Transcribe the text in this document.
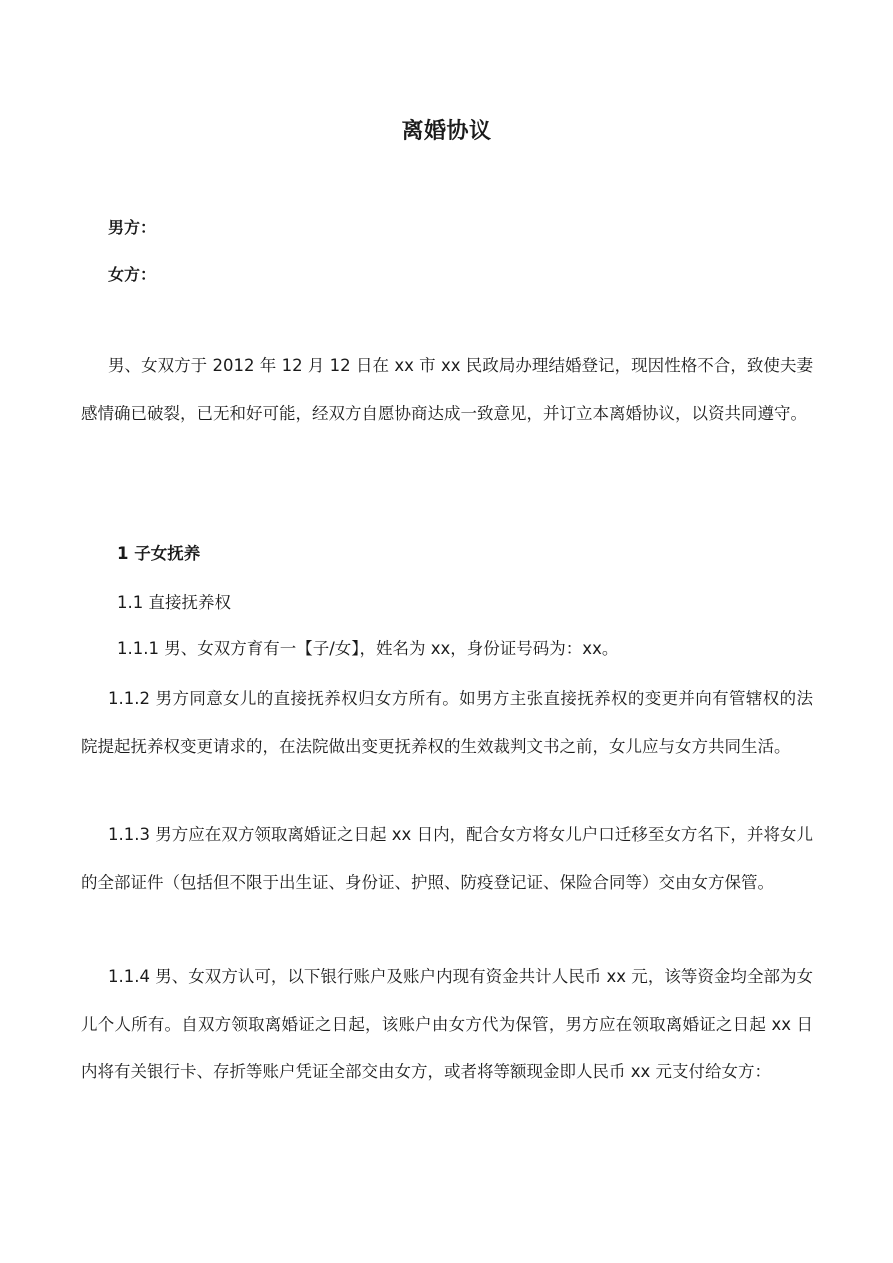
离婚协议
男方：
女方：

男、女双方于 2012 年 12 月 12 日在 xx 市 xx 民政局办理结婚登记，现因性格不合，致使夫妻感情确已破裂，已无和好可能，经双方自愿协商达成一致意见，并订立本离婚协议，以资共同遵守。

1 子女抚养
1.1 直接抚养权
1.1.1 男、女双方育有一【子/女】，姓名为 xx，身份证号码为：xx。

1.1.2 男方同意女儿的直接抚养权归女方所有。如男方主张直接抚养权的变更并向有管辖权的法院提起抚养权变更请求的，在法院做出变更抚养权的生效裁判文书之前，女儿应与女方共同生活。

1.1.3 男方应在双方领取离婚证之日起 xx 日内，配合女方将女儿户口迁移至女方名下，并将女儿的全部证件（包括但不限于出生证、身份证、护照、防疫登记证、保险合同等）交由女方保管。

1.1.4 男、女双方认可，以下银行账户及账户内现有资金共计人民币 xx 元，该等资金均全部为女儿个人所有。自双方领取离婚证之日起，该账户由女方代为保管，男方应在领取离婚证之日起 xx 日内将有关银行卡、存折等账户凭证全部交由女方，或者将等额现金即人民币 xx 元支付给女方：
